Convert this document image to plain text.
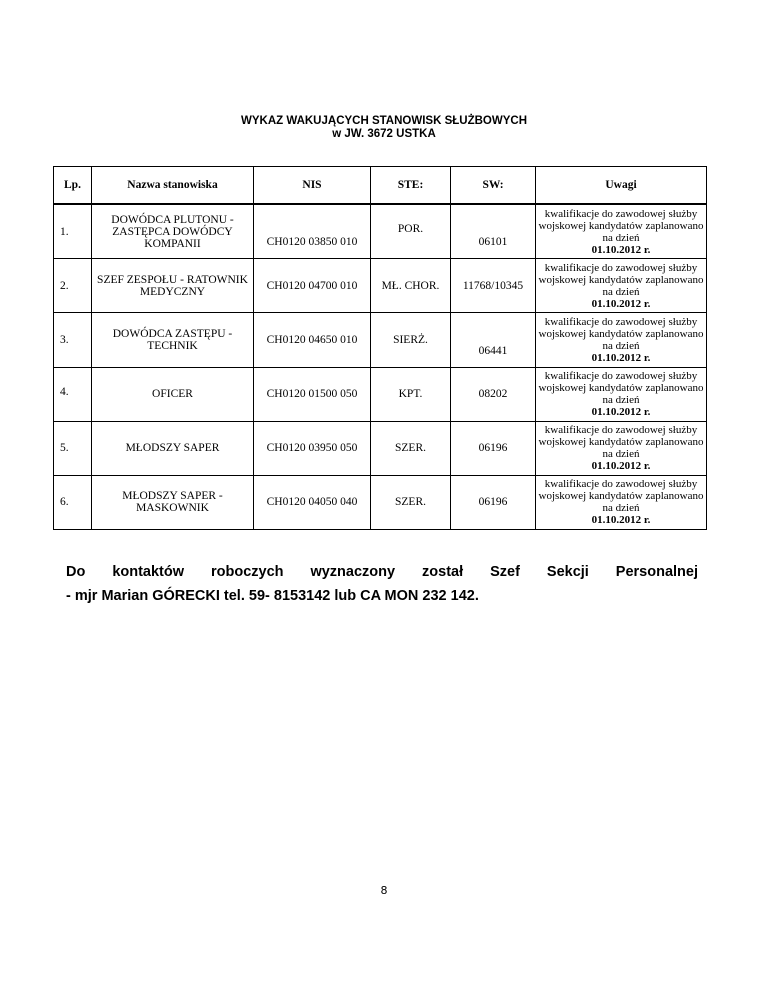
WYKAZ WAKUJĄCYCH STANOWISK SŁUŻBOWYCH
w JW. 3672 USTKA
Lp.	Nazwa stanowiska	NIS	STE:	SW:	Uwagi
1.	DOWÓDCA PLUTONU - ZASTĘPCA DOWÓDCY KOMPANII	CH0120 03850 010	POR.	06101	kwalifikacje do zawodowej służby wojskowej kandydatów zaplanowano na dzień
01.10.2012 r.

2.	SZEF ZESPOŁU - RATOWNIK MEDYCZNY	CH0120 04700 010	MŁ. CHOR.	11768/10345	kwalifikacje do zawodowej służby wojskowej kandydatów zaplanowano na dzień
01.10.2012 r.

3.	DOWÓDCA ZASTĘPU - TECHNIK	CH0120 04650 010	SIERŻ.	06441	kwalifikacje do zawodowej służby wojskowej kandydatów zaplanowano na dzień
01.10.2012 r.

4.	OFICER	CH0120 01500 050	KPT.	08202	kwalifikacje do zawodowej służby wojskowej kandydatów zaplanowano na dzień
01.10.2012 r.

5.	MŁODSZY SAPER	CH0120 03950 050	SZER.	06196	kwalifikacje do zawodowej służby wojskowej kandydatów zaplanowano na dzień
01.10.2012 r.

6.	MŁODSZY SAPER - MASKOWNIK	CH0120 04050 040	SZER.	06196	kwalifikacje do zawodowej służby wojskowej kandydatów zaplanowano na dzień
01.10.2012 r.
Do kontaktów roboczych wyznaczony został Szef Sekcji Personalnej
- mjr Marian GÓRECKI tel. 59- 8153142 lub CA MON 232 142.
8
